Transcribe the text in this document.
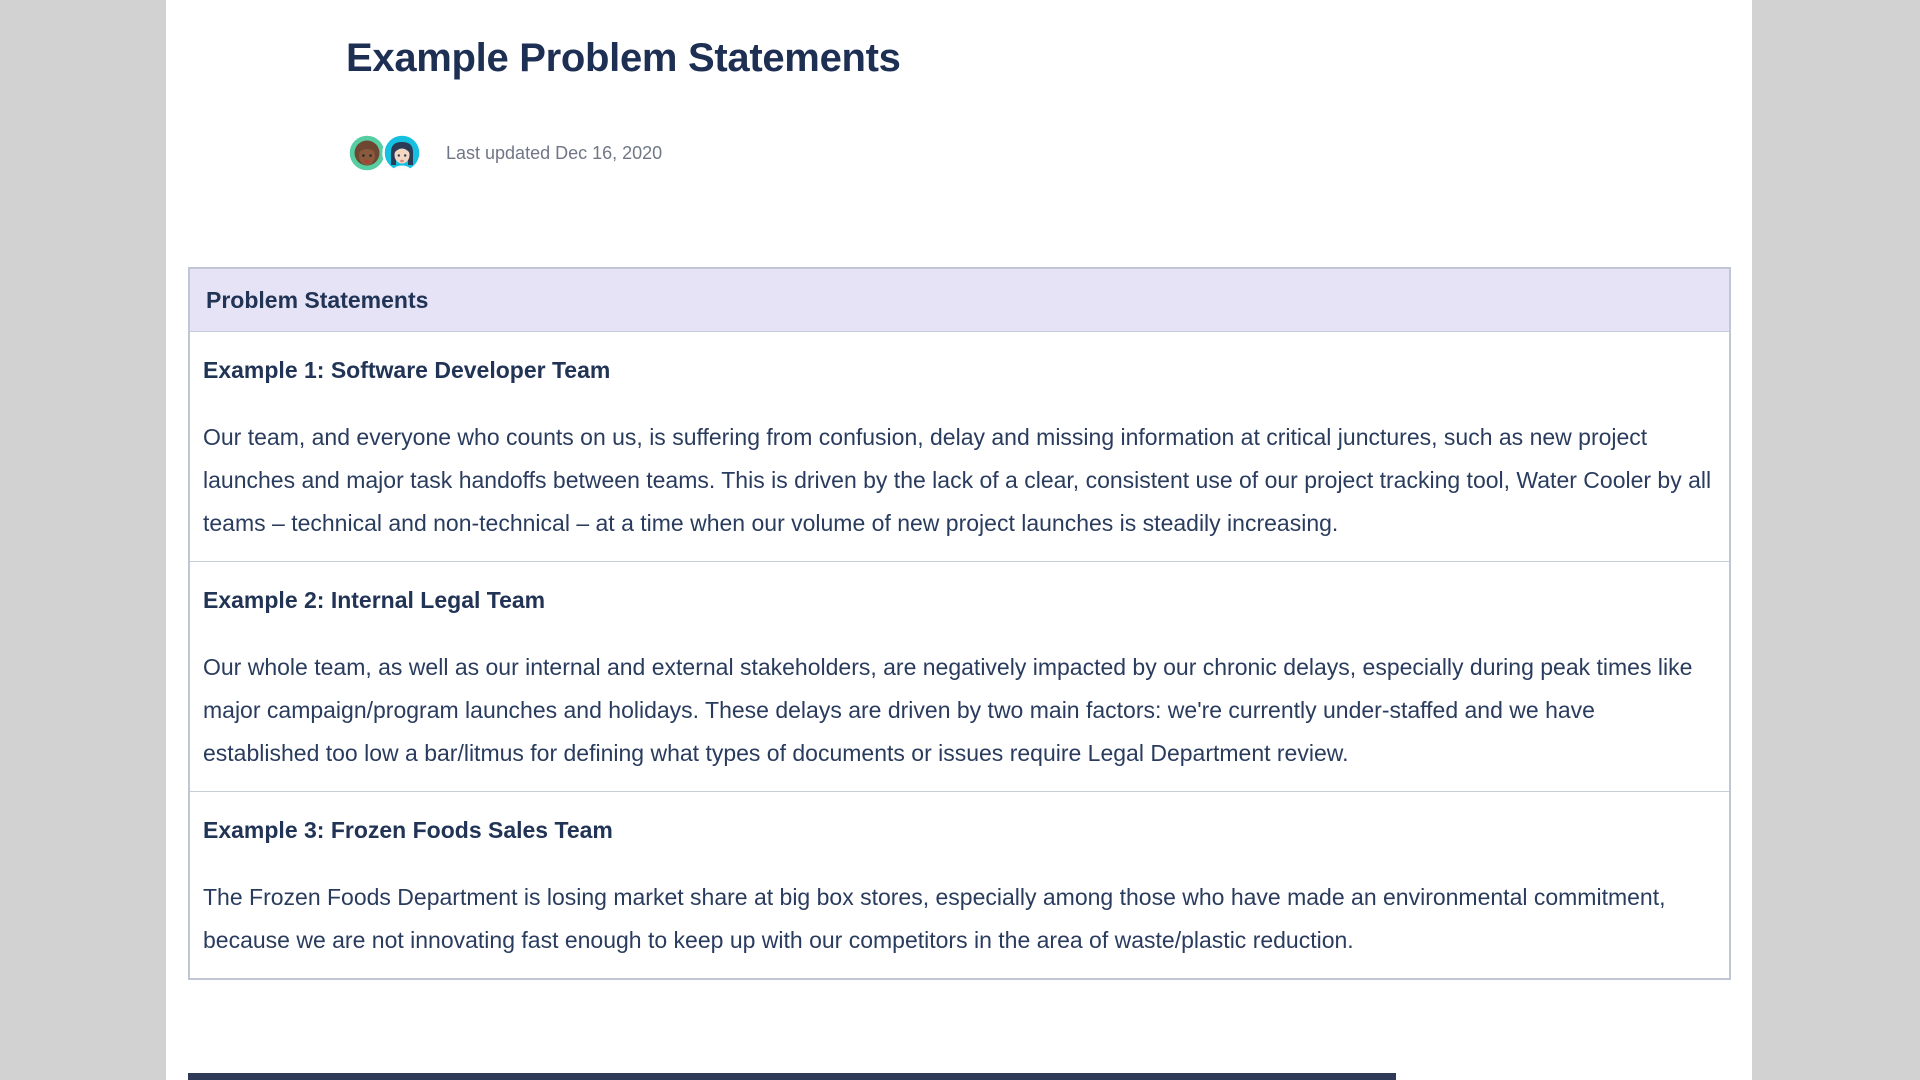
Example Problem Statements
Last updated Dec 16, 2020
Problem Statements

Example 1: Software Developer Team

Our team, and everyone who counts on us, is suffering from confusion, delay and missing information at critical junctures, such as new project launches and major task handoffs between teams. This is driven by the lack of a clear, consistent use of our project tracking tool, Water Cooler by all teams – technical and non-technical – at a time when our volume of new project launches is steadily increasing.

Example 2: Internal Legal Team

Our whole team, as well as our internal and external stakeholders, are negatively impacted by our chronic delays, especially during peak times like major campaign/program launches and holidays. These delays are driven by two main factors: we're currently under-staffed and we have established too low a bar/litmus for defining what types of documents or issues require Legal Department review.

Example 3: Frozen Foods Sales Team

The Frozen Foods Department is losing market share at big box stores, especially among those who have made an environmental commitment, because we are not innovating fast enough to keep up with our competitors in the area of waste/plastic reduction.
